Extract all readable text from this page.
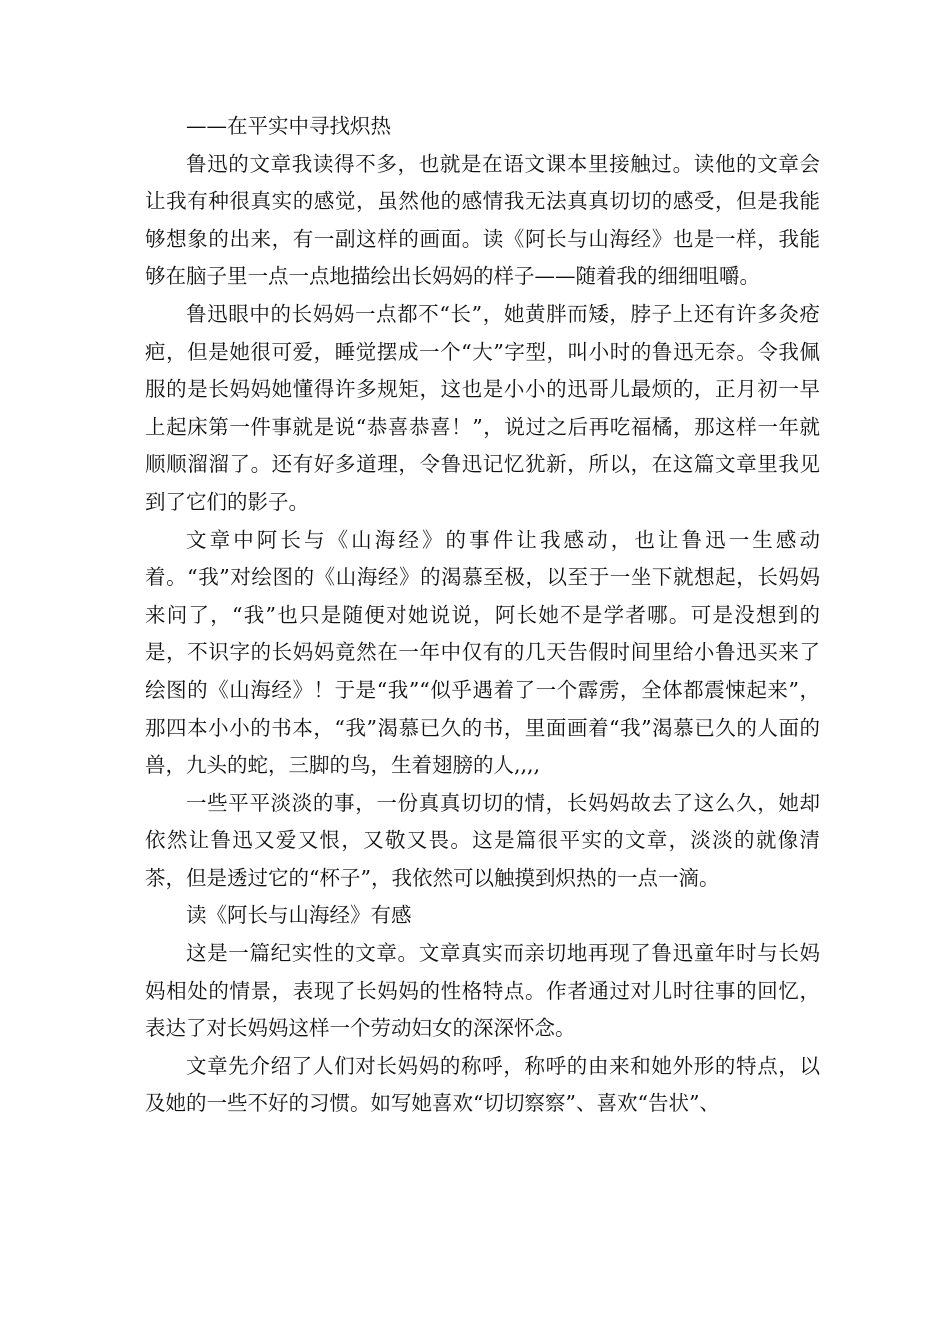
——在平实中寻找炽热

鲁迅的文章我读得不多，也就是在语文课本里接触过。读他的文章会让我有种很真实的感觉，虽然他的感情我无法真真切切的感受，但是我能够想象的出来，有一副这样的画面。读《阿长与山海经》也是一样，我能够在脑子里一点一点地描绘出长妈妈的样子——随着我的细细咀嚼。

鲁迅眼中的长妈妈一点都不“长”，她黄胖而矮，脖子上还有许多灸疮疤，但是她很可爱，睡觉摆成一个“大”字型，叫小时的鲁迅无奈。令我佩服的是长妈妈她懂得许多规矩，这也是小小的迅哥儿最烦的，正月初一早上起床第一件事就是说“恭喜恭喜！”，说过之后再吃福橘，那这样一年就顺顺溜溜了。还有好多道理，令鲁迅记忆犹新，所以，在这篇文章里我见到了它们的影子。

文章中阿长与《山海经》的事件让我感动，也让鲁迅一生感动着。“我”对绘图的《山海经》的渴慕至极，以至于一坐下就想起，长妈妈来问了，“我”也只是随便对她说说，阿长她不是学者哪。可是没想到的是，不识字的长妈妈竟然在一年中仅有的几天告假时间里给小鲁迅买来了绘图的《山海经》！于是“我”“似乎遇着了一个霹雳，全体都震悚起来”，那四本小小的书本，“我”渴慕已久的书，里面画着“我”渴慕已久的人面的兽，九头的蛇，三脚的鸟，生着翅膀的人,,,,

一些平平淡淡的事，一份真真切切的情，长妈妈故去了这么久，她却依然让鲁迅又爱又恨，又敬又畏。这是篇很平实的文章，淡淡的就像清茶，但是透过它的“杯子”，我依然可以触摸到炽热的一点一滴。

读《阿长与山海经》有感

这是一篇纪实性的文章。文章真实而亲切地再现了鲁迅童年时与长妈妈相处的情景，表现了长妈妈的性格特点。作者通过对儿时往事的回忆，表达了对长妈妈这样一个劳动妇女的深深怀念。

文章先介绍了人们对长妈妈的称呼，称呼的由来和她外形的特点，以及她的一些不好的习惯。如写她喜欢“切切察察”、喜欢“告状”、
